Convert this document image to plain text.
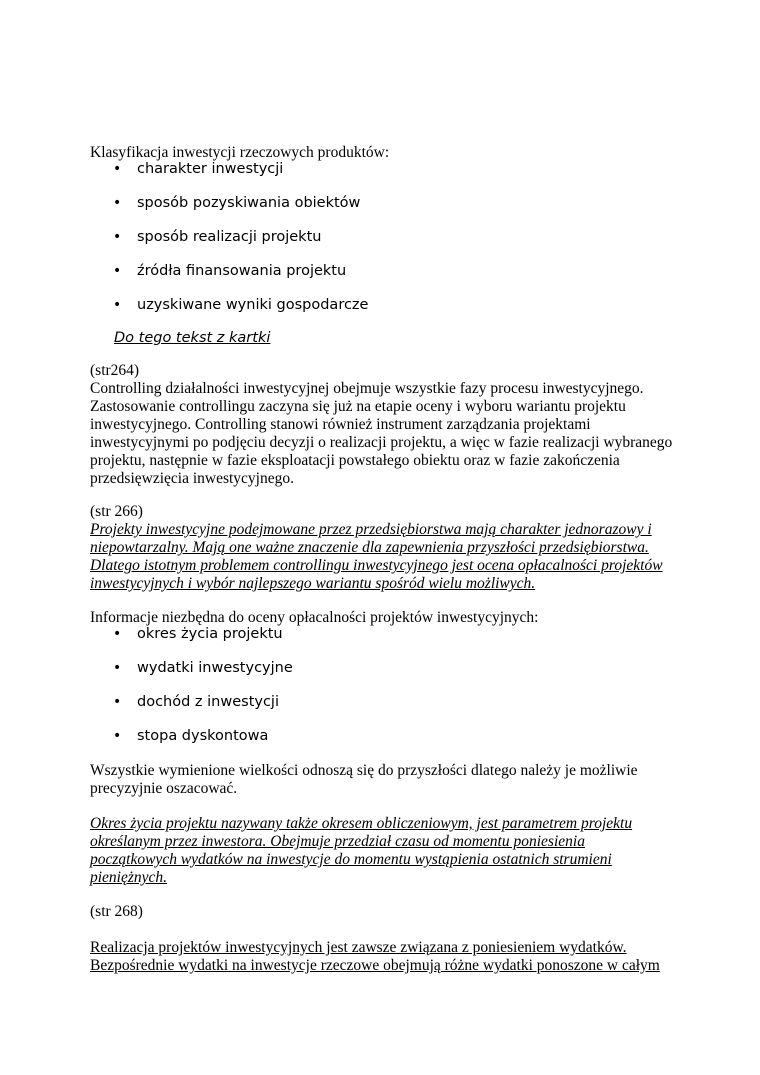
Klasyfikacja inwestycji rzeczowych produktów:
• charakter inwestycji
• sposób pozyskiwania obiektów
• sposób realizacji projektu
• źródła finansowania projektu
• uzyskiwane wyniki gospodarcze
Do tego tekst z kartki
(str264)
Controlling działalności inwestycyjnej obejmuje wszystkie fazy procesu inwestycyjnego.
Zastosowanie controllingu zaczyna się już na etapie oceny i wyboru wariantu projektu
inwestycyjnego. Controlling stanowi również instrument zarządzania projektami
inwestycyjnymi po podjęciu decyzji o realizacji projektu, a więc w fazie realizacji wybranego
projektu, następnie w fazie eksploatacji powstałego obiektu oraz w fazie zakończenia
przedsięwzięcia inwestycyjnego.
(str 266)
Projekty inwestycyjne podejmowane przez przedsiębiorstwa mają charakter jednorazowy i
niepowtarzalny. Mają one ważne znaczenie dla zapewnienia przyszłości przedsiębiorstwa.
Dlatego istotnym problemem controllingu inwestycyjnego jest ocena opłacalności projektów
inwestycyjnych i wybór najlepszego wariantu spośród wielu możliwych.
Informacje niezbędna do oceny opłacalności projektów inwestycyjnych:
• okres życia projektu
• wydatki inwestycyjne
• dochód z inwestycji
• stopa dyskontowa
Wszystkie wymienione wielkości odnoszą się do przyszłości dlatego należy je możliwie
precyzyjnie oszacować.
Okres życia projektu nazywany także okresem obliczeniowym, jest parametrem projektu
określanym przez inwestora. Obejmuje przedział czasu od momentu poniesienia
początkowych wydatków na inwestycje do momentu wystąpienia ostatnich strumieni
pieniężnych.
(str 268)
Realizacja projektów inwestycyjnych jest zawsze związana z poniesieniem wydatków.
Bezpośrednie wydatki na inwestycje rzeczowe obejmują różne wydatki ponoszone w całym
